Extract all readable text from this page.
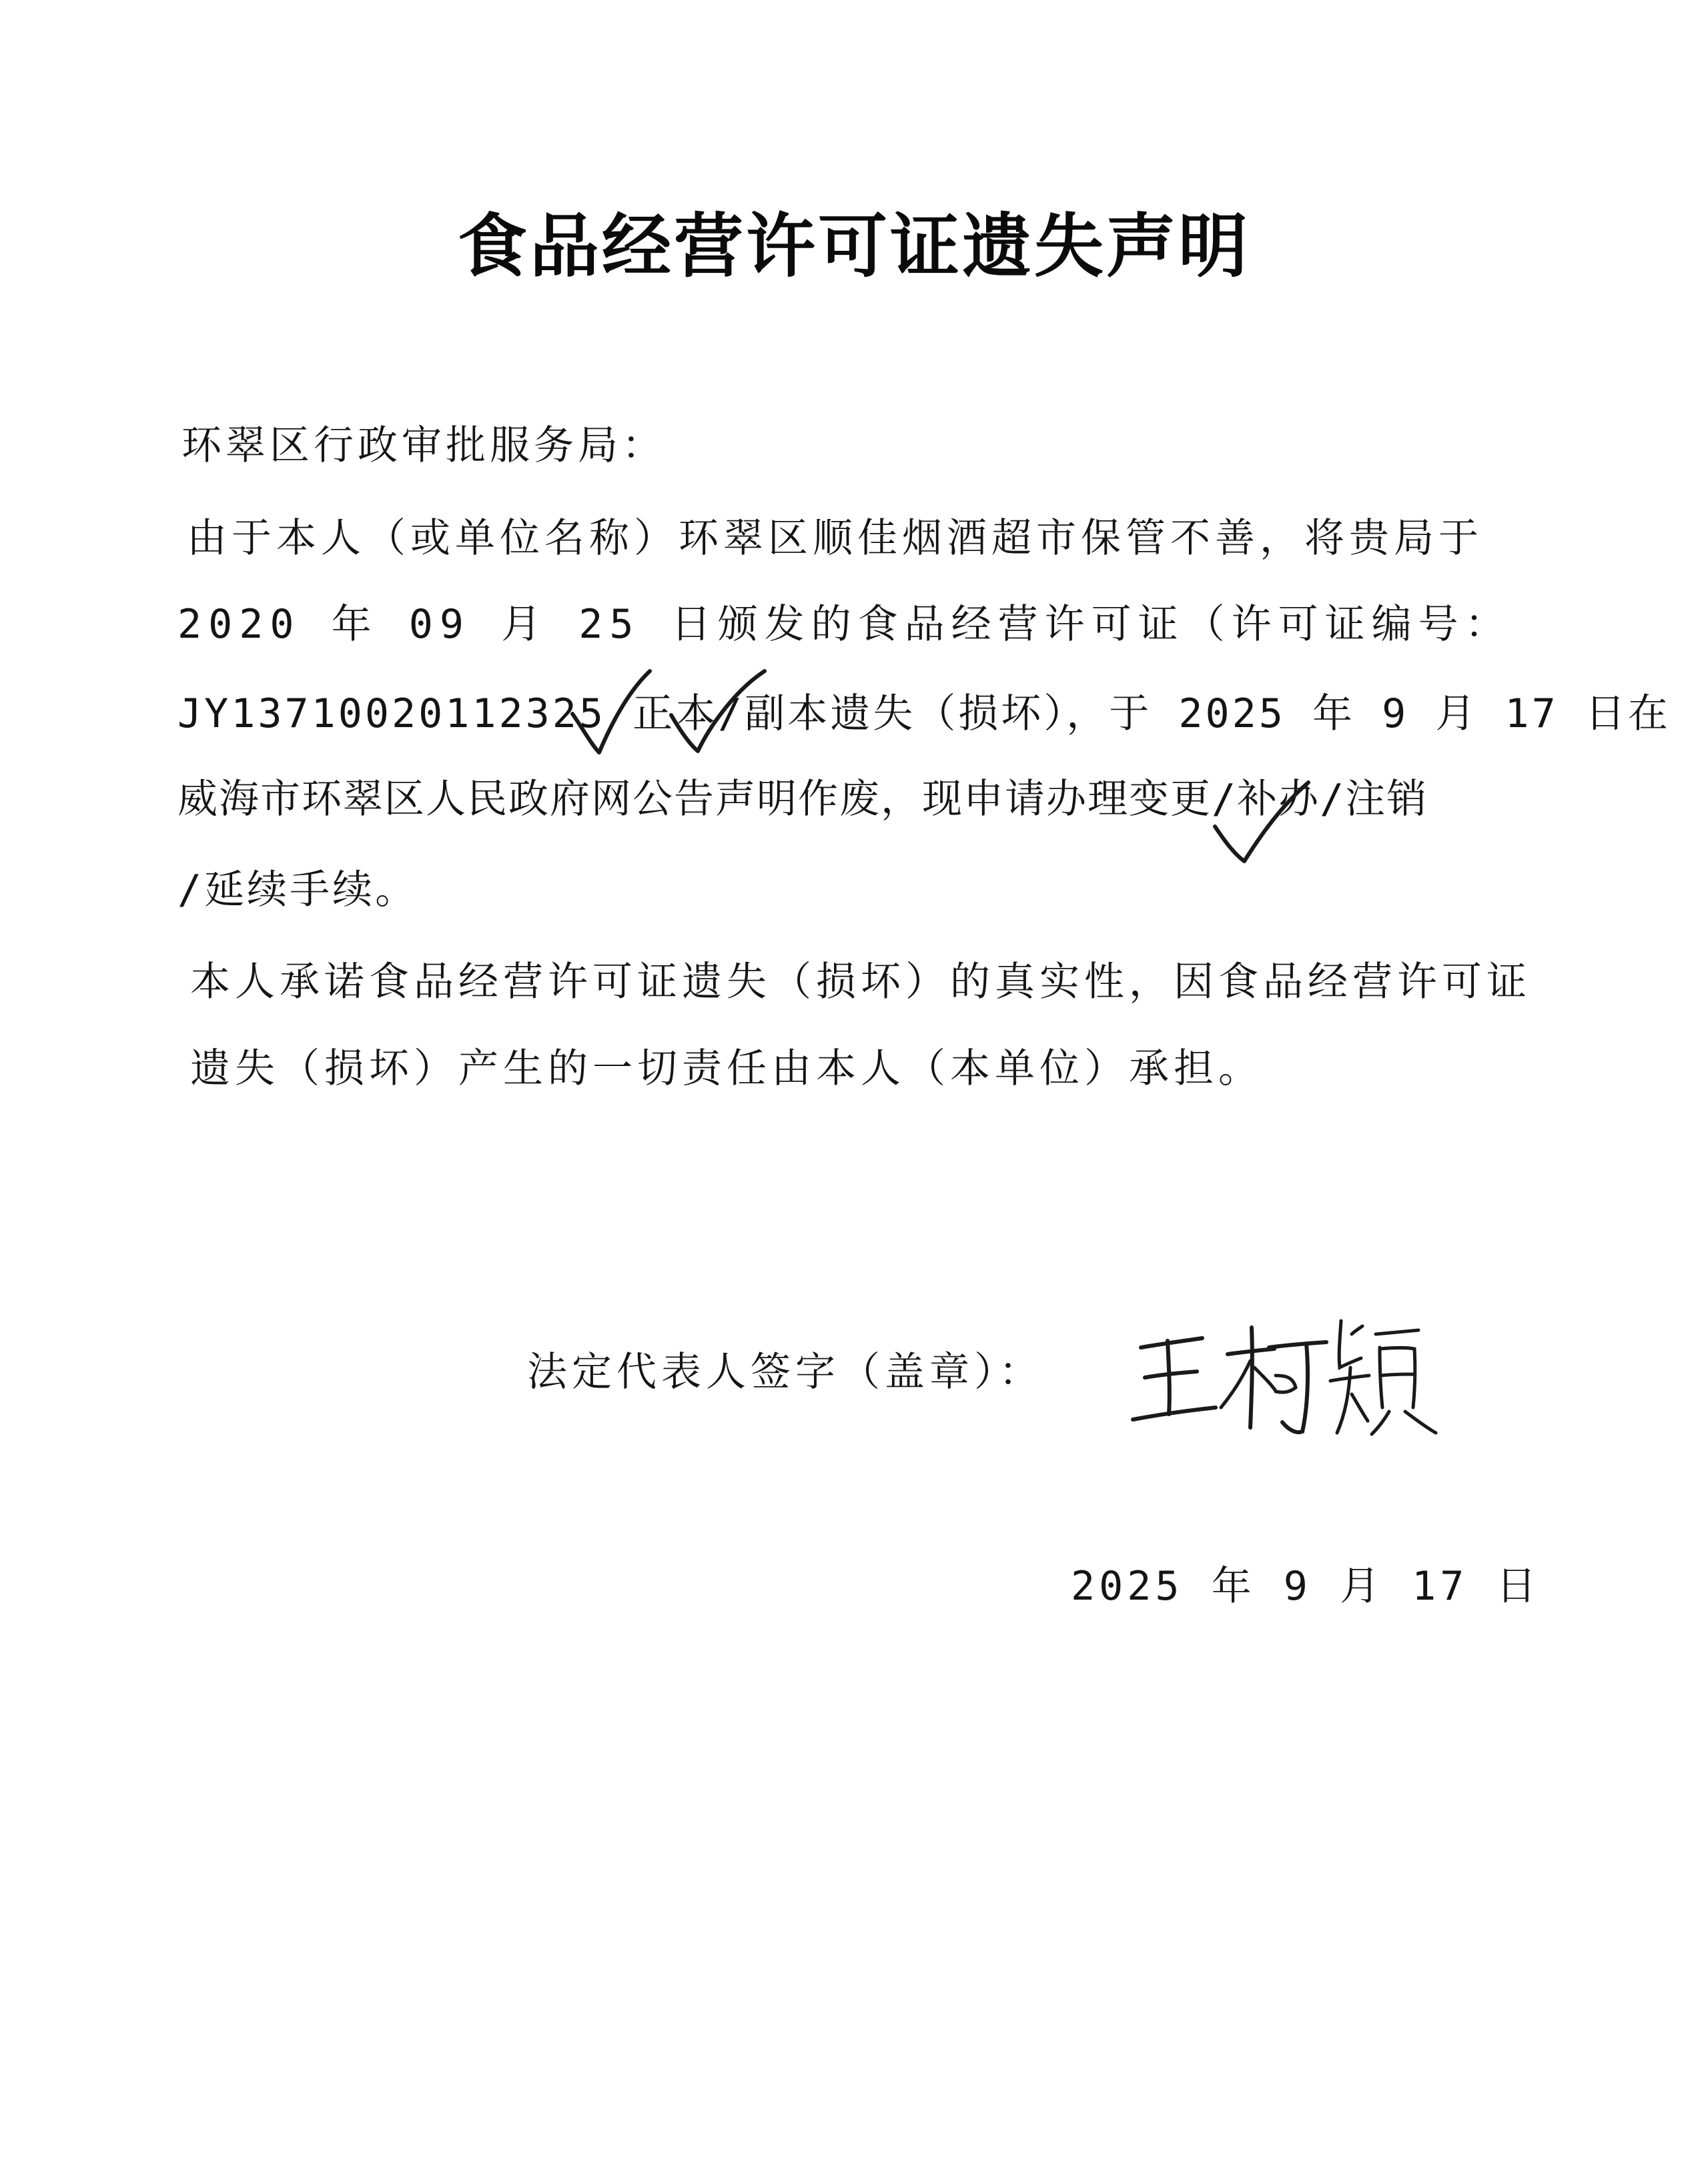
食品经营许可证遗失声明
环翠区行政审批服务局：
由于本人（或单位名称）环翠区顺佳烟酒超市保管不善，将贵局于
2020 年 09 月 25 日颁发的食品经营许可证（许可证编号：
JY13710020112325 正本/副本遗失（损坏），于 2025 年 9 月 17 日在
威海市环翠区人民政府网公告声明作废，现申请办理变更/补办/注销
/延续手续。
本人承诺食品经营许可证遗失（损坏）的真实性，因食品经营许可证
遗失（损坏）产生的一切责任由本人（本单位）承担。
法定代表人签字（盖章）：
2025 年 9 月 17 日
